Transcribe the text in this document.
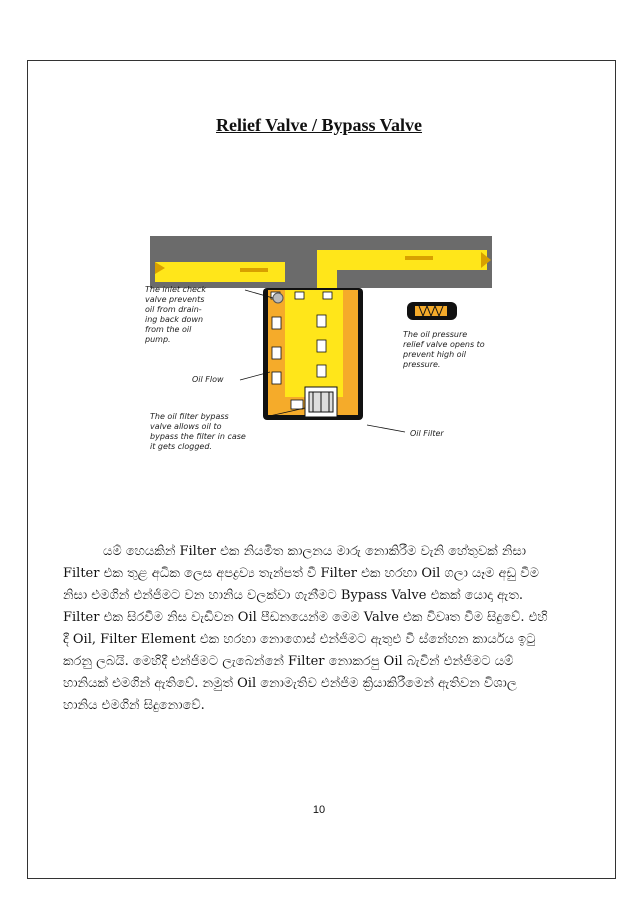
Relief Valve / Bypass Valve
The inlet check valve prevents oil from drain- ing back down from the oil pump.
Oil Flow
The oil filter bypass valve allows oil to bypass the filter in case it gets clogged.
The oil pressure relief valve opens to prevent high oil pressure.
Oil Filter
යම් හෙයකින් Filter එක නියමිත කාලනය මාරු නොකිරීම වැනි හේතුවක් නිසා
Filter එක තුළ අධික ලෙස අපද්‍රව්‍ය තැන්පත් වී Filter එක හරහා Oil ගලා යෑම අඩු වීම
නිසා එමගින් එන්ජිමට වන හානිය වලක්වා ගැනීමට Bypass Valve එකක් යොදා ඇත.
Filter එක සිරවීම නිස වැඩිවන Oil පීඩනයෙන්ම මෙම Valve එක විවෘත වීම සිදුවේ. එහි
දී Oil, Filter Element එක හරහා නොගොස් එන්ජිමට ඇතුළු වී ස්නේහන කාර්යය ඉටු
කරනු ලබයි. මෙහිදී එන්ජිමට ලැබෙන්නේ Filter නොකරපු Oil බැවින් එන්ජිමට යම්
හානියක් එමගින් ඇතිවේ. නමුත් Oil නොමැතිව එන්ජිම ක්‍රියාකිරීමෙන් ඇතිවන විශාල
හානිය එමගින් සිදුනොවේ.
10
